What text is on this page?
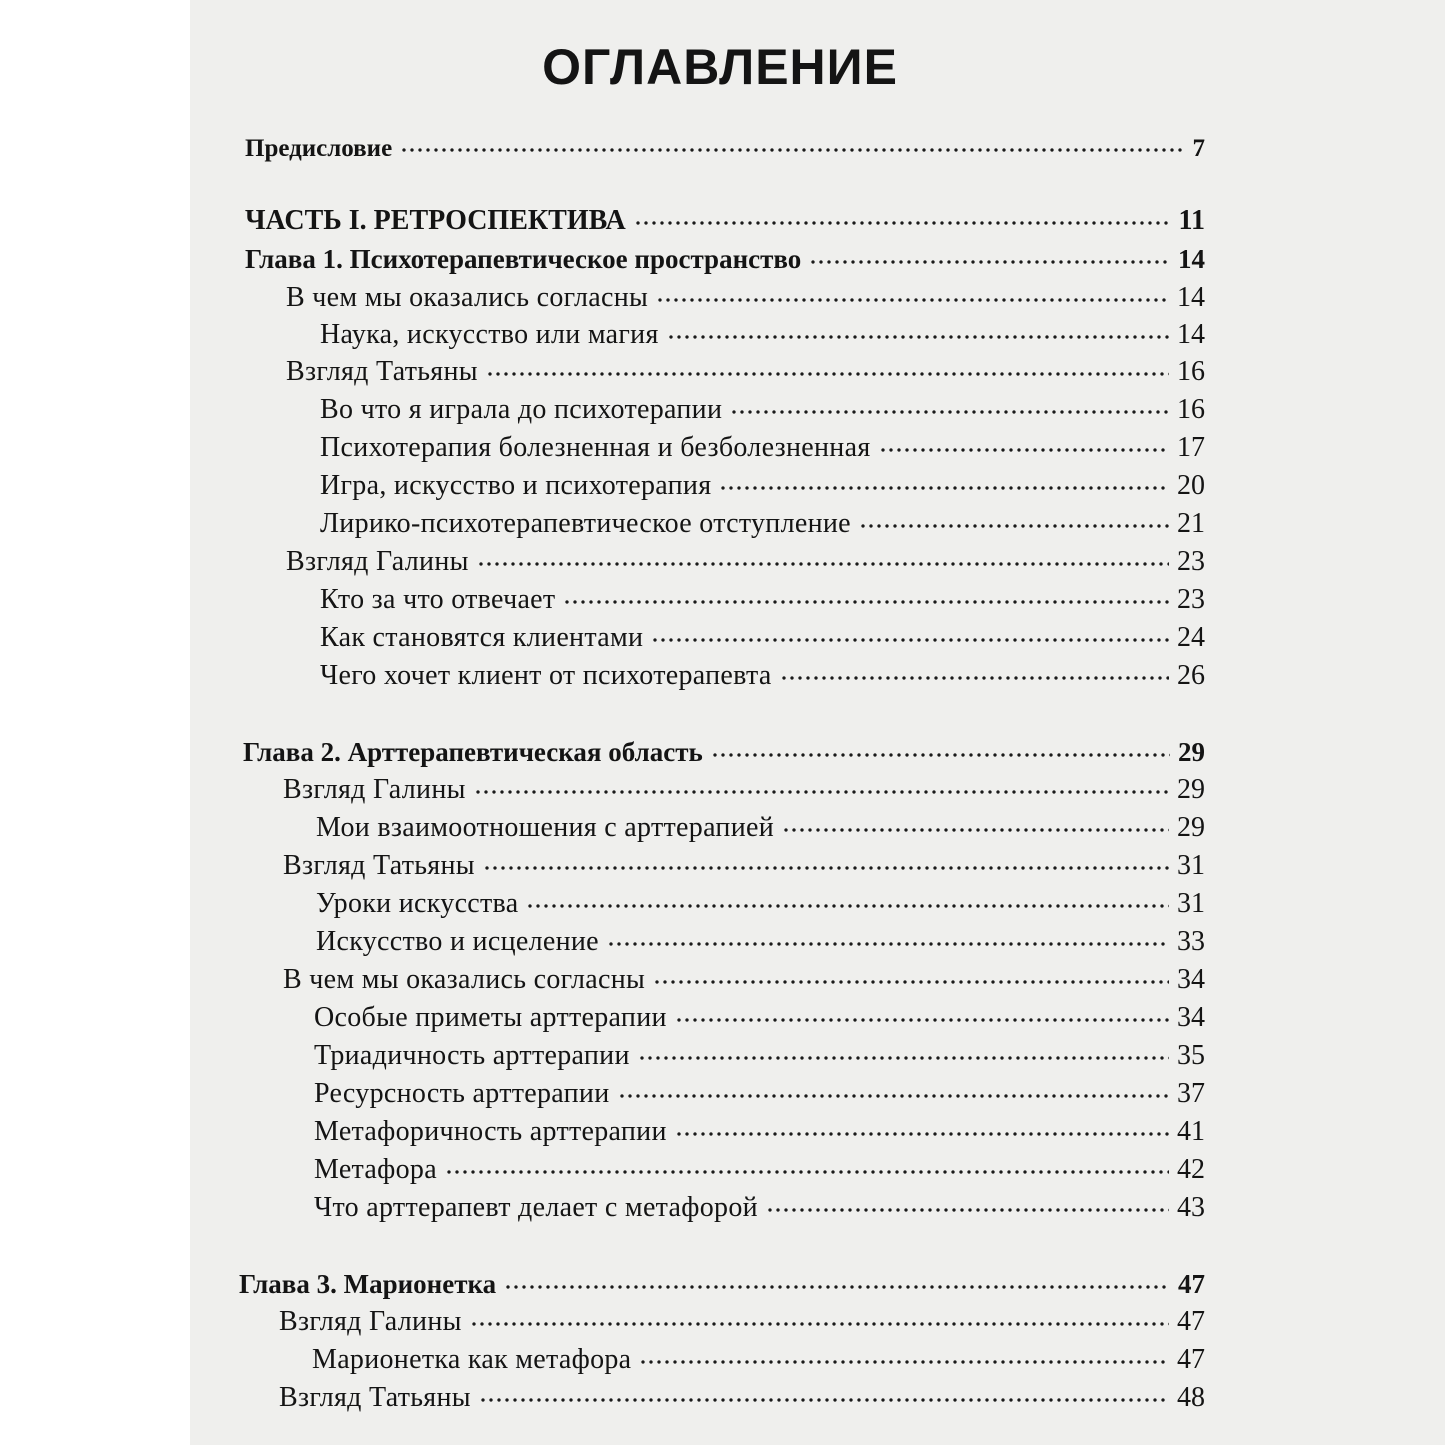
ОГЛАВЛЕНИЕ
Предисловие	7
ЧАСТЬ I. РЕТРОСПЕКТИВА	11
Глава 1. Психотерапевтическое пространство	14
В чем мы оказались согласны	14
Наука, искусство или магия	14
Взгляд Татьяны	16
Во что я играла до психотерапии	16
Психотерапия болезненная и безболезненная	17
Игра, искусство и психотерапия	20
Лирико-психотерапевтическое отступление	21
Взгляд Галины	23
Кто за что отвечает	23
Как становятся клиентами	24
Чего хочет клиент от психотерапевта	26
Глава 2. Арттерапевтическая область	29
Взгляд Галины	29
Мои взаимоотношения с арттерапией	29
Взгляд Татьяны	31
Уроки искусства	31
Искусство и исцеление	33
В чем мы оказались согласны	34
Особые приметы арттерапии	34
Триадичность арттерапии	35
Ресурсность арттерапии	37
Метафоричность арттерапии	41
Метафора	42
Что арттерапевт делает с метафорой	43
Глава 3. Марионетка	47
Взгляд Галины	47
Марионетка как метафора	47
Взгляд Татьяны	48
